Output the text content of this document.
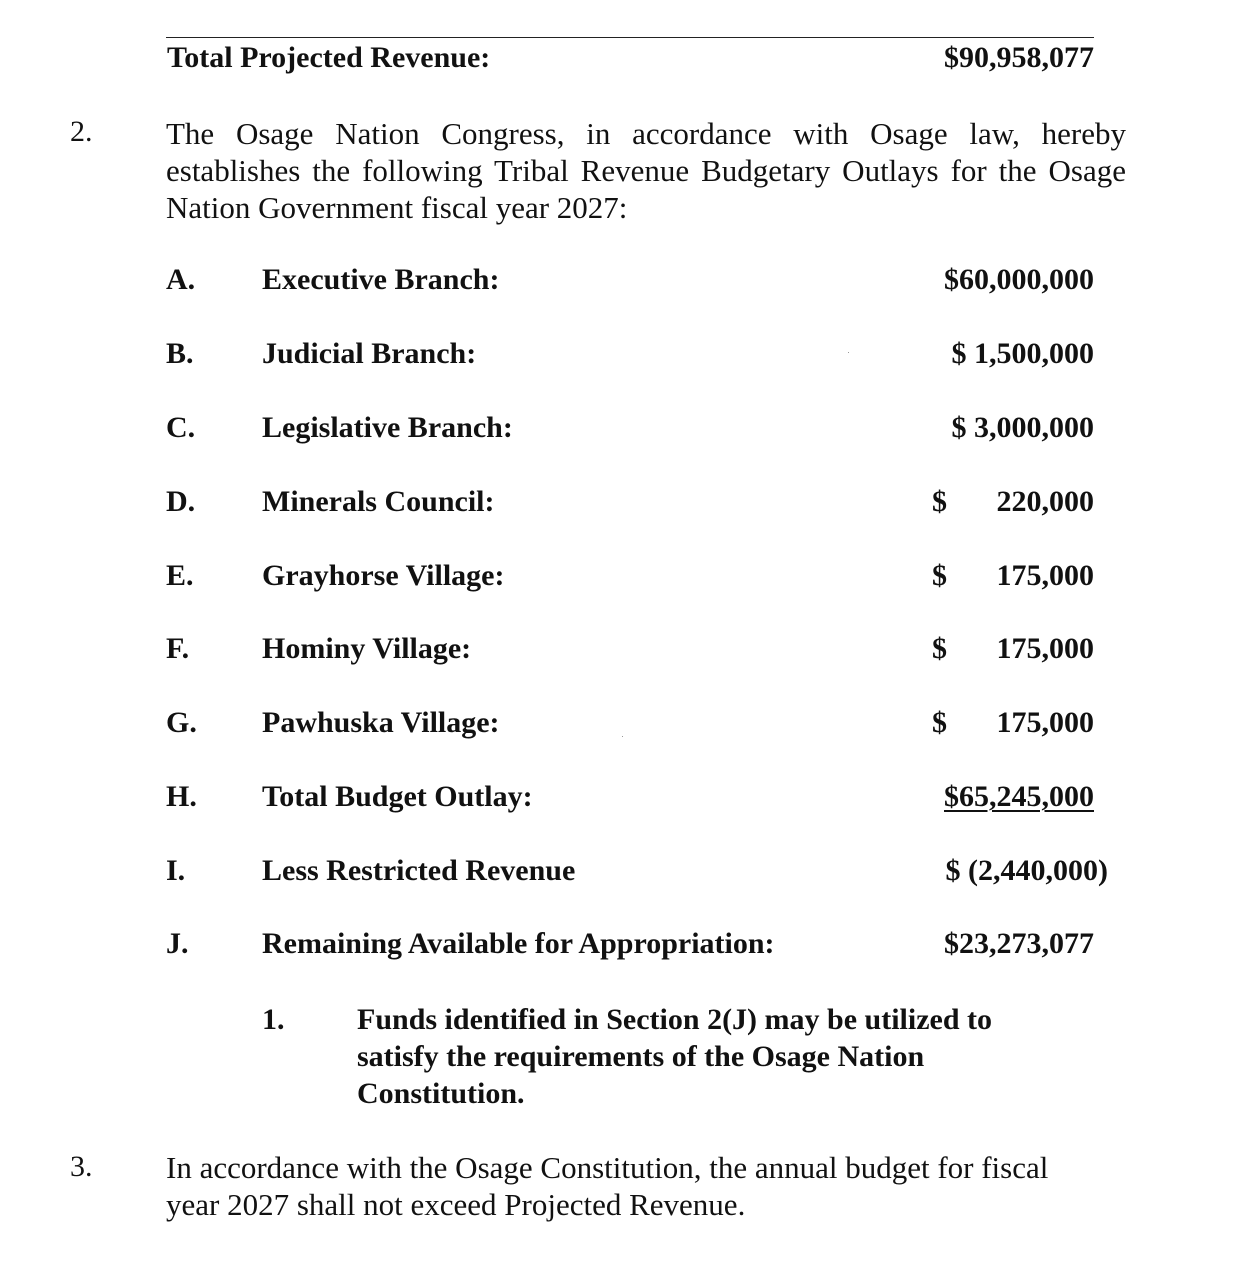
Total Projected Revenue:	$90,958,077
2. The Osage Nation Congress, in accordance with Osage law, hereby
establishes the following Tribal Revenue Budgetary Outlays for the Osage
Nation Government fiscal year 2027:
A. Executive Branch:	$60,000,000
B. Judicial Branch:	$ 1,500,000
C. Legislative Branch:	$ 3,000,000
D. Minerals Council:	$ 220,000
E. Grayhorse Village:	$ 175,000
F. Hominy Village:	$ 175,000
G. Pawhuska Village:	$ 175,000
H. Total Budget Outlay:	$65,245,000
I.	Less Restricted Revenue	$ (2,440,000)
J. Remaining Available for Appropriation:	$23,273,077
1. Funds identified in Section 2(J) may be utilized to
satisfy the requirements of the Osage Nation
Constitution.
3. In accordance with the Osage Constitution, the annual budget for fiscal
year 2027 shall not exceed Projected Revenue.
